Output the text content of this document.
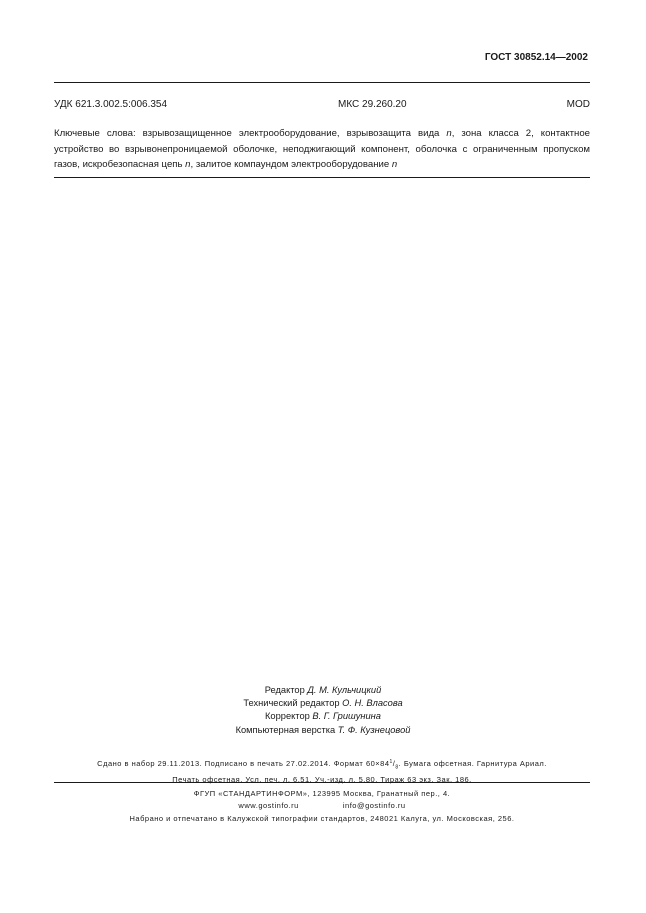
ГОСТ 30852.14—2002
УДК 621.3.002.5:006.354	МКС 29.260.20	MOD
Ключевые слова: взрывозащищенное электрооборудование, взрывозащита вида n, зона класса 2, контактное устройство во взрывонепроницаемой оболочке, неподжигающий компонент, оболочка с ограниченным пропуском газов, искробезопасная цепь n, залитое компаундом электрооборудование n
Редактор Д. М. Кульчицкий
Технический редактор О. Н. Власова
Корректор В. Г. Гришунина
Компьютерная верстка Т. Ф. Кузнецовой
Сдано в набор 29.11.2013. Подписано в печать 27.02.2014. Формат $60\times 84^1/_8$. Бумага офсетная. Гарнитура Ариал.
Печать офсетная. Усл. печ. л. 6,51. Уч.-изд. л. 5,80. Тираж 63 экз. Зак. 186.
ФГУП «СТАНДАРТИНФОРМ», 123995 Москва, Гранатный пер., 4.
www.gostinfo.ru	info@gostinfo.ru
Набрано и отпечатано в Калужской типографии стандартов, 248021 Калуга, ул. Московская, 256.
